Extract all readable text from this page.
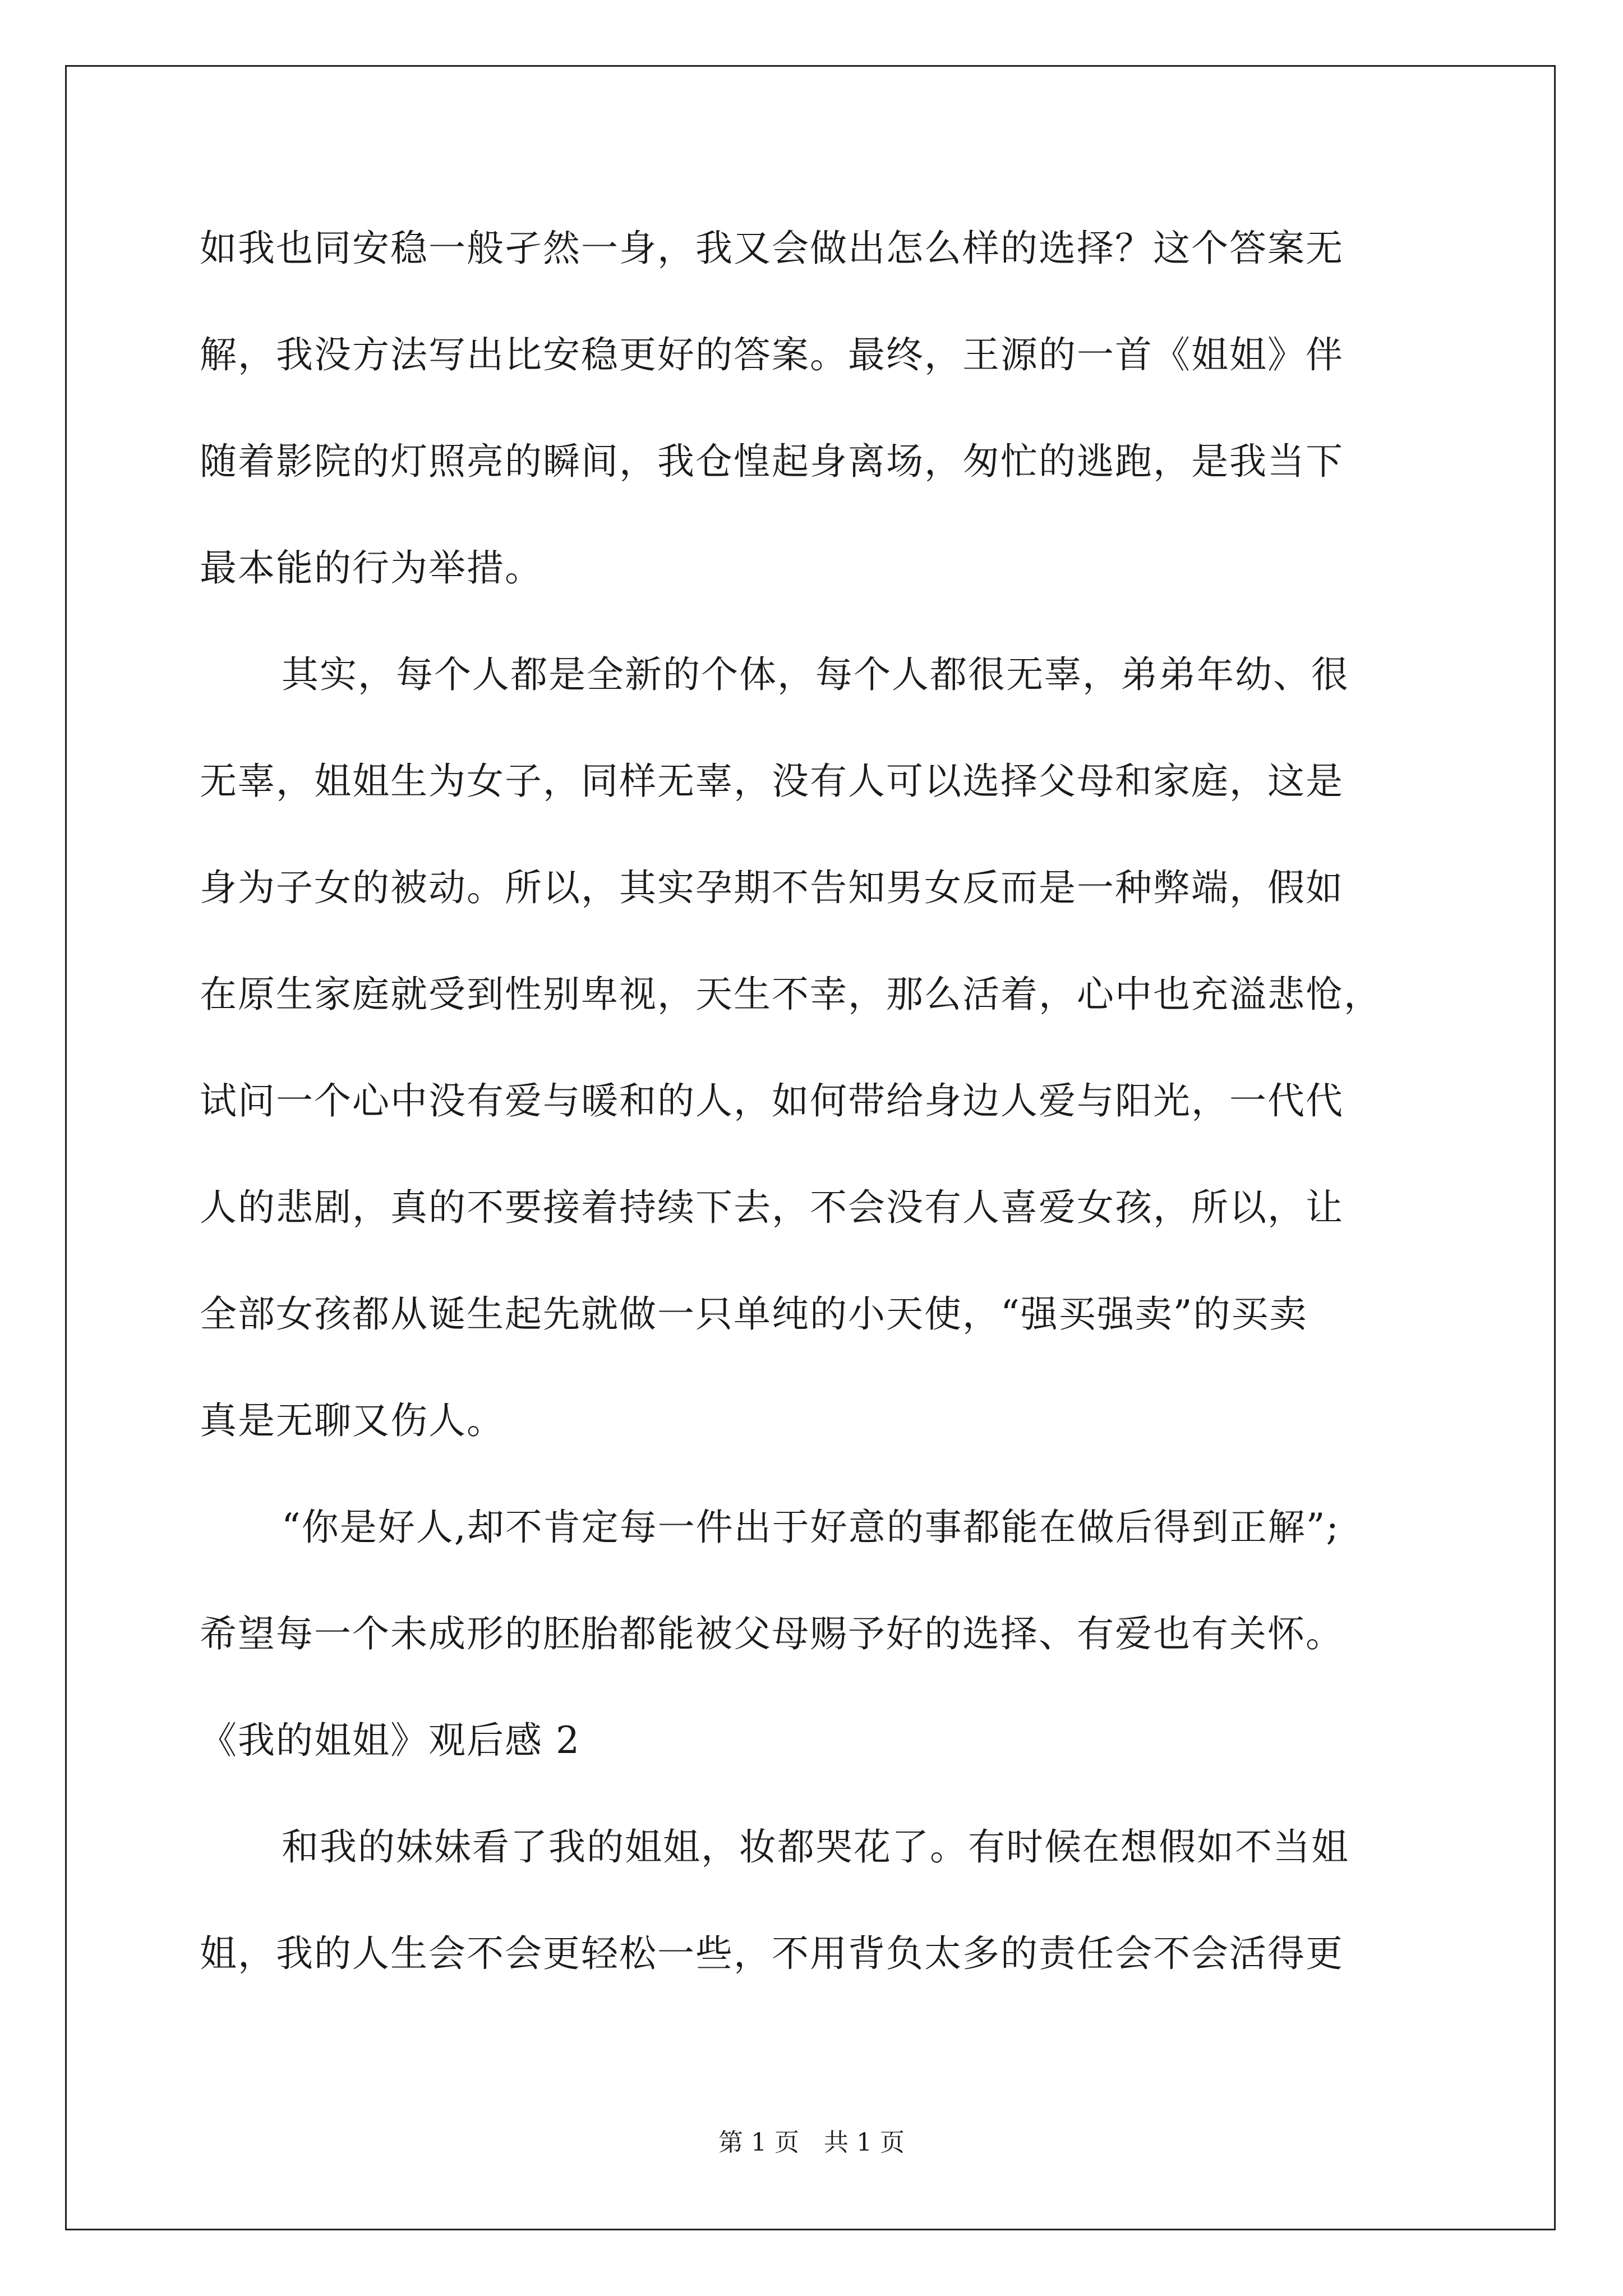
如我也同安稳一般孑然一身，我又会做出怎么样的选择？这个答案无
解，我没方法写出比安稳更好的答案。最终，王源的一首《姐姐》伴
随着影院的灯照亮的瞬间，我仓惶起身离场，匆忙的逃跑，是我当下
最本能的行为举措。
其实，每个人都是全新的个体，每个人都很无辜，弟弟年幼、很
无辜，姐姐生为女子，同样无辜，没有人可以选择父母和家庭，这是
身为子女的被动。所以，其实孕期不告知男女反而是一种弊端，假如
在原生家庭就受到性别卑视，天生不幸，那么活着，心中也充溢悲怆，
试问一个心中没有爱与暖和的人，如何带给身边人爱与阳光，一代代
人的悲剧，真的不要接着持续下去，不会没有人喜爱女孩，所以，让
全部女孩都从诞生起先就做一只单纯的小天使，“强买强卖”的买卖
真是无聊又伤人。
“你是好人,却不肯定每一件出于好意的事都能在做后得到正解”;
希望每一个未成形的胚胎都能被父母赐予好的选择、有爱也有关怀。
《我的姐姐》观后感 2
和我的妹妹看了我的姐姐，妆都哭花了。有时候在想假如不当姐
姐，我的人生会不会更轻松一些，不用背负太多的责任会不会活得更
第 1 页　共 1 页
